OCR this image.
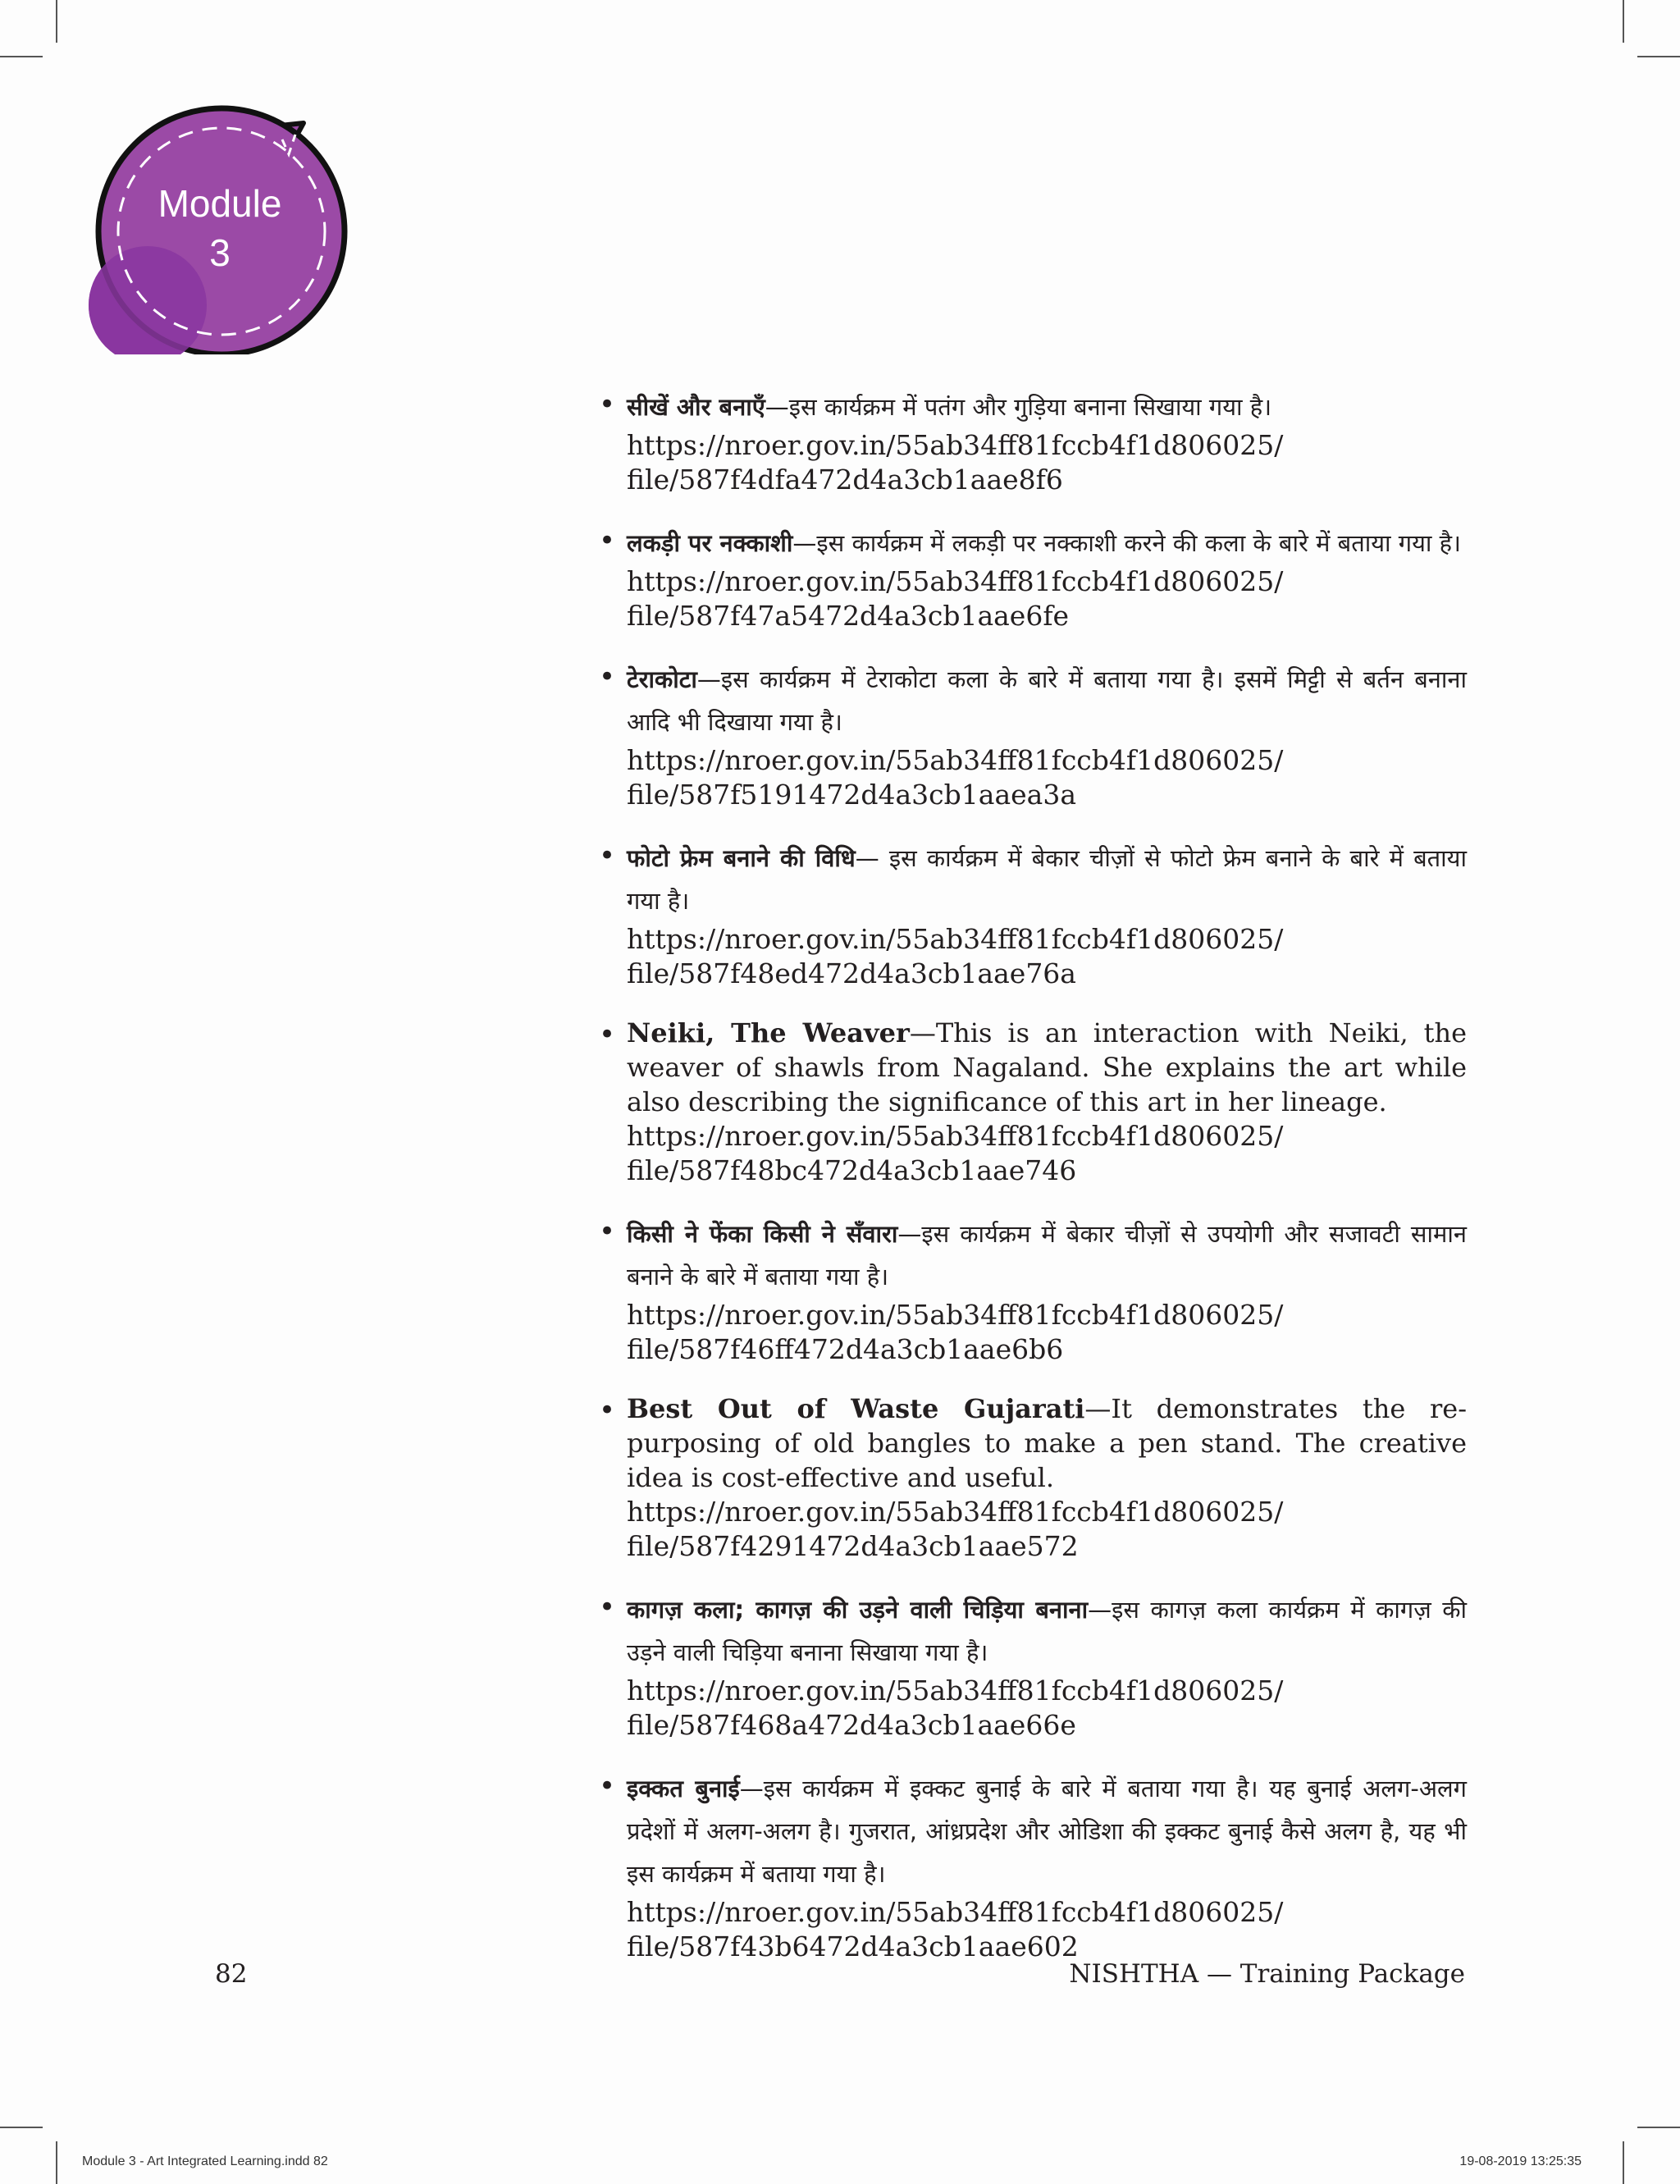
Module
3
• सीखें और बनाएँ—इस कार्यक्रम में पतंग और गुड़िया बनाना सिखाया गया है।
https://nroer.gov.in/55ab34ff81fccb4f1d806025/
file/587f4dfa472d4a3cb1aae8f6
• लकड़ी पर नक्काशी—इस कार्यक्रम में लकड़ी पर नक्काशी करने की कला के बारे में बताया गया है।
https://nroer.gov.in/55ab34ff81fccb4f1d806025/
file/587f47a5472d4a3cb1aae6fe
• टेराकोटा—इस कार्यक्रम में टेराकोटा कला के बारे में बताया गया है। इसमें मिट्टी से बर्तन बनाना आदि भी दिखाया गया है।
https://nroer.gov.in/55ab34ff81fccb4f1d806025/
file/587f5191472d4a3cb1aaea3a
• फोटो फ्रेम बनाने की विधि— इस कार्यक्रम में बेकार चीज़ों से फोटो फ्रेम बनाने के बारे में बताया गया है।
https://nroer.gov.in/55ab34ff81fccb4f1d806025/
file/587f48ed472d4a3cb1aae76a
• Neiki, The Weaver—This is an interaction with Neiki, the weaver of shawls from Nagaland. She explains the art while also describing the significance of this art in her lineage.
https://nroer.gov.in/55ab34ff81fccb4f1d806025/
file/587f48bc472d4a3cb1aae746
• किसी ने फेंका किसी ने सँवारा—इस कार्यक्रम में बेकार चीज़ों से उपयोगी और सजावटी सामान बनाने के बारे में बताया गया है।
https://nroer.gov.in/55ab34ff81fccb4f1d806025/
file/587f46ff472d4a3cb1aae6b6
• Best Out of Waste Gujarati—It demonstrates the re-purposing of old bangles to make a pen stand. The creative idea is cost-effective and useful.
https://nroer.gov.in/55ab34ff81fccb4f1d806025/
file/587f4291472d4a3cb1aae572
• कागज़ कला; कागज़ की उड़ने वाली चिड़िया बनाना—इस कागज़ कला कार्यक्रम में कागज़ की उड़ने वाली चिड़िया बनाना सिखाया गया है।
https://nroer.gov.in/55ab34ff81fccb4f1d806025/
file/587f468a472d4a3cb1aae66e
• इक्कत बुनाई—इस कार्यक्रम में इक्कट बुनाई के बारे में बताया गया है। यह बुनाई अलग-अलग प्रदेशों में अलग-अलग है। गुजरात, आंध्रप्रदेश और ओडिशा की इक्कट बुनाई कैसे अलग है, यह भी इस कार्यक्रम में बताया गया है।
https://nroer.gov.in/55ab34ff81fccb4f1d806025/
file/587f43b6472d4a3cb1aae602
82	NISHTHA — Training Package
Module 3 - Art Integrated Learning.indd 82	19-08-2019 13:25:35
